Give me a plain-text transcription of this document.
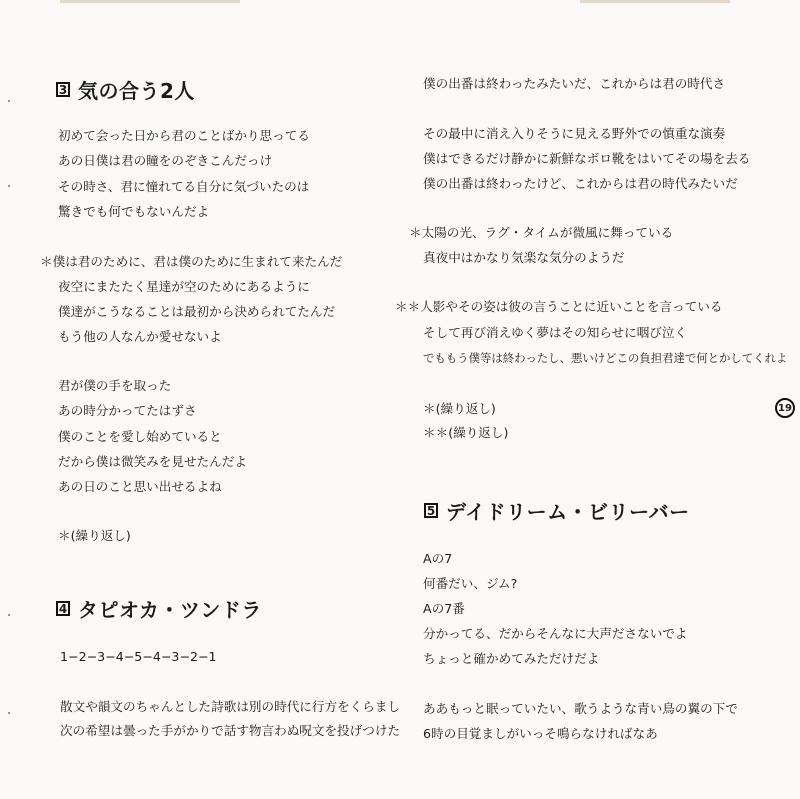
3 気の合う2人
初めて会った日から君のことばかり思ってる
あの日僕は君の瞳をのぞきこんだっけ
その時さ、君に憧れてる自分に気づいたのは
驚きでも何でもないんだよ
＊僕は君のために、君は僕のために生まれて来たんだ
夜空にまたたく星達が空のためにあるように
僕達がこうなることは最初から決められてたんだ
もう他の人なんか愛せないよ
君が僕の手を取った
あの時分かってたはずさ
僕のことを愛し始めていると
だから僕は微笑みを見せたんだよ
あの日のこと思い出せるよね
＊(繰り返し)
4 タピオカ・ツンドラ
1−2−3−4−5−4−3−2−1
散文や韻文のちゃんとした詩歌は別の時代に行方をくらまし
次の希望は曇った手がかりで話す物言わぬ呪文を投げつけた
僕の出番は終わったみたいだ、これからは君の時代さ
その最中に消え入りそうに見える野外での慎重な演奏
僕はできるだけ静かに新鮮なボロ靴をはいてその場を去る
僕の出番は終わったけど、これからは君の時代みたいだ
＊太陽の光、ラグ・タイムが微風に舞っている
真夜中はかなり気楽な気分のようだ
＊＊人影やその姿は彼の言うことに近いことを言っている
そして再び消えゆく夢はその知らせに咽び泣く
でももう僕等は終わったし、悪いけどこの負担君達で何とかしてくれよ
＊(繰り返し)
＊＊(繰り返し)
5 デイドリーム・ビリーバー
Aの7
何番だい、ジム?
Aの7番
分かってる、だからそんなに大声ださないでよ
ちょっと確かめてみただけだよ
ああもっと眠っていたい、歌うような青い鳥の翼の下で
6時の目覚ましがいっそ鳴らなければなあ
19
